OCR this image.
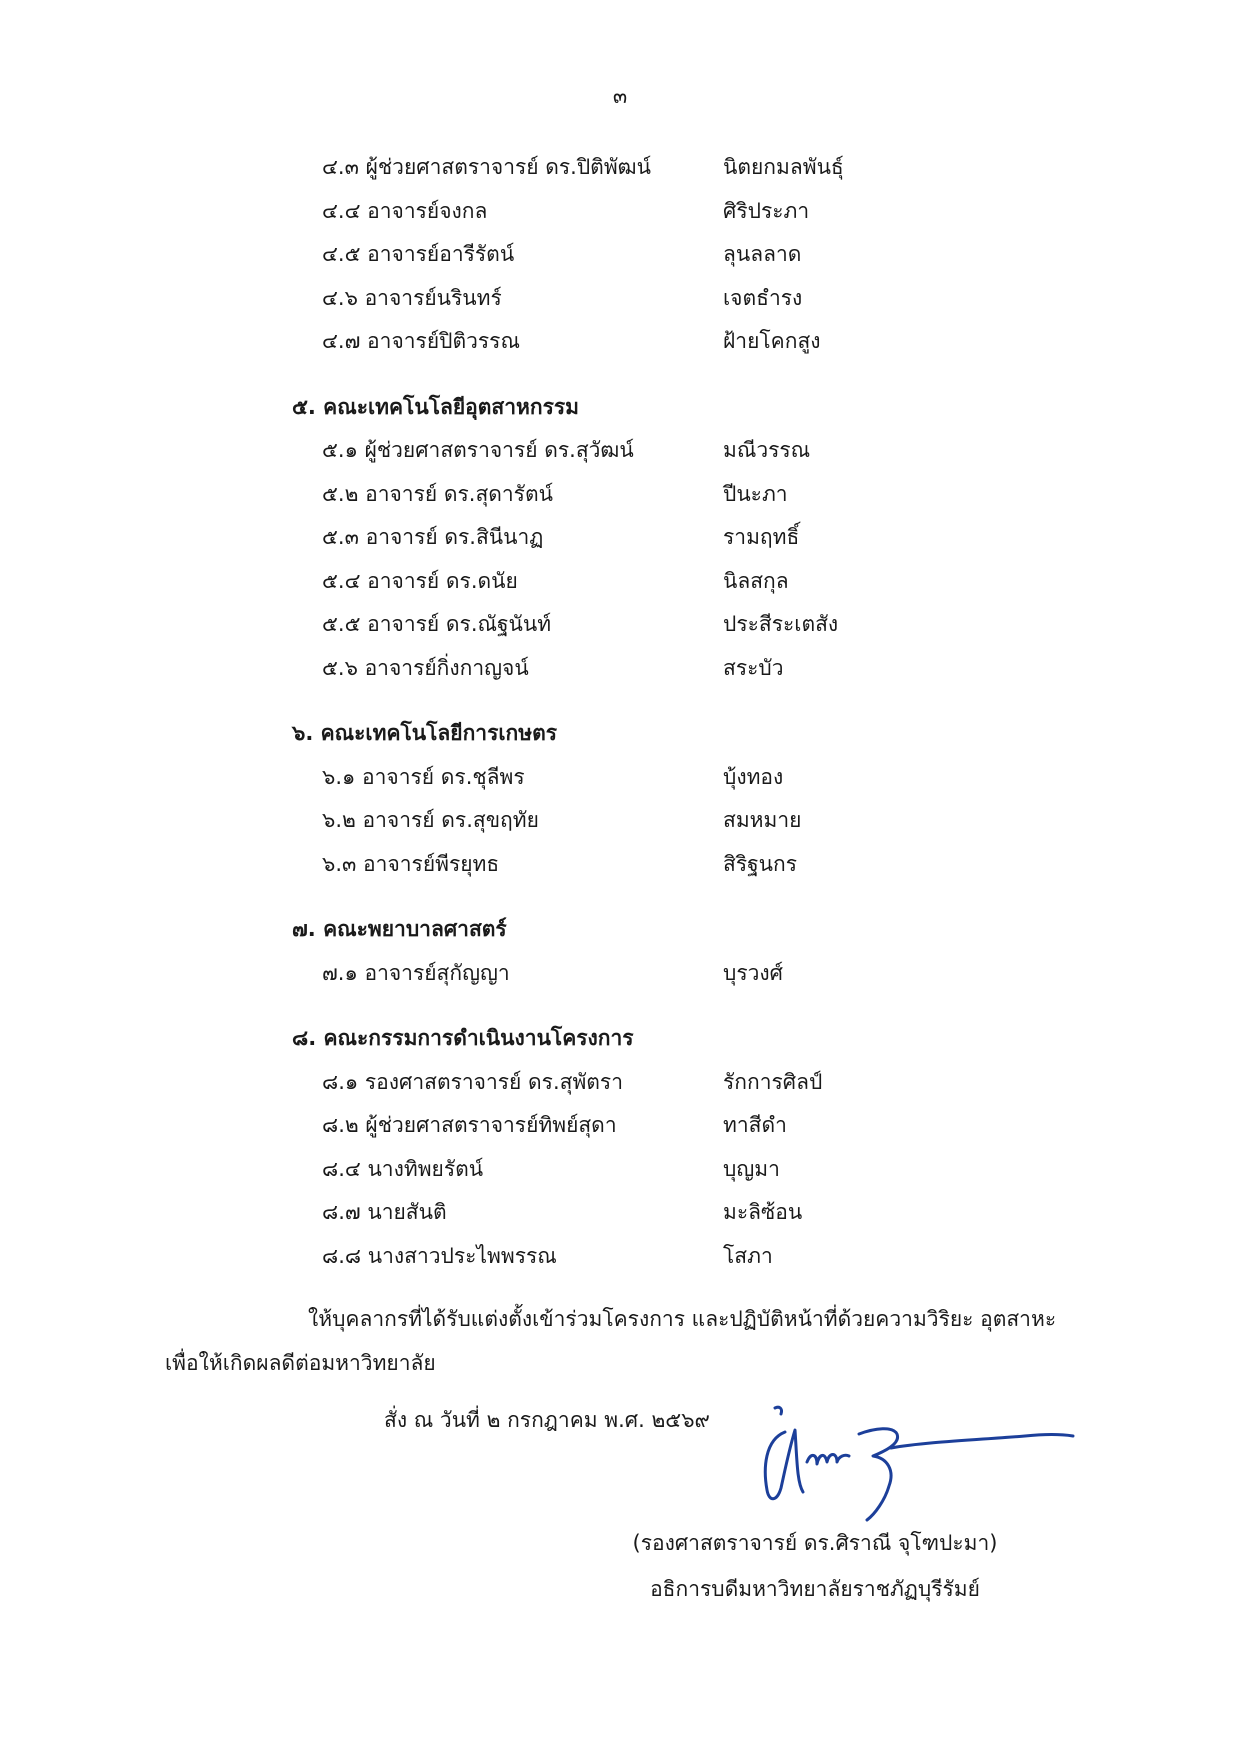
๓
๔.๓ ผู้ช่วยศาสตราจารย์ ดร.ปิติพัฒน์	นิตยกมลพันธุ์
๔.๔ อาจารย์จงกล	ศิริประภา
๔.๕ อาจารย์อารีรัตน์	ลุนลลาด
๔.๖ อาจารย์นรินทร์	เจตธำรง
๔.๗ อาจารย์ปิติวรรณ	ฝ้ายโคกสูง
๕. คณะเทคโนโลยีอุตสาหกรรม
๕.๑ ผู้ช่วยศาสตราจารย์ ดร.สุวัฒน์	มณีวรรณ
๕.๒ อาจารย์ ดร.สุดารัตน์	ปีนะภา
๕.๓ อาจารย์ ดร.สินีนาฏ	รามฤทธิ์
๕.๔ อาจารย์ ดร.ดนัย	นิลสกุล
๕.๕ อาจารย์ ดร.ณัฐนันท์	ประสีระเตสัง
๕.๖ อาจารย์กิ่งกาญจน์	สระบัว
๖. คณะเทคโนโลยีการเกษตร
๖.๑ อาจารย์ ดร.ชุลีพร	บุ้งทอง
๖.๒ อาจารย์ ดร.สุขฤทัย	สมหมาย
๖.๓ อาจารย์พีรยุทธ	สิริฐนกร
๗. คณะพยาบาลศาสตร์
๗.๑ อาจารย์สุกัญญา	บุรวงศ์
๘. คณะกรรมการดำเนินงานโครงการ
๘.๑ รองศาสตราจารย์ ดร.สุพัตรา	รักการศิลป์
๘.๒ ผู้ช่วยศาสตราจารย์ทิพย์สุดา	ทาสีดำ
๘.๔ นางทิพยรัตน์	บุญมา
๘.๗ นายสันติ	มะลิซ้อน
๘.๘ นางสาวประไพพรรณ	โสภา
ให้บุคลากรที่ได้รับแต่งตั้งเข้าร่วมโครงการ และปฏิบัติหน้าที่ด้วยความวิริยะ อุตสาหะ
เพื่อให้เกิดผลดีต่อมหาวิทยาลัย
สั่ง ณ วันที่ ๒ กรกฎาคม พ.ศ. ๒๕๖๙
(รองศาสตราจารย์ ดร.ศิราณี จุโฑปะมา)
อธิการบดีมหาวิทยาลัยราชภัฏบุรีรัมย์
